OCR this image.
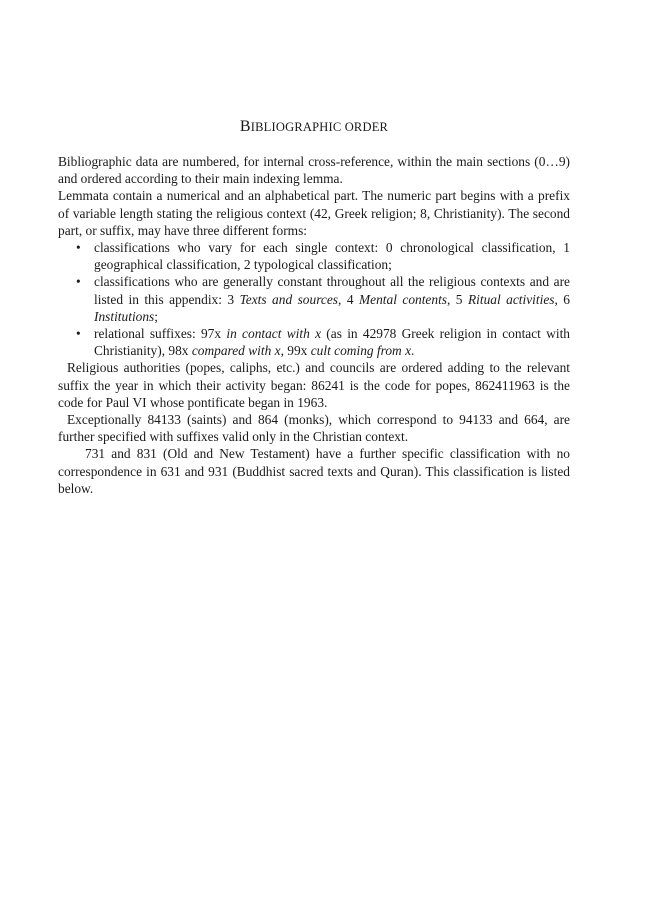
BIBLIOGRAPHIC ORDER

Bibliographic data are numbered, for internal cross-reference, within the main sections (0…9) and ordered according to their main indexing lemma.

Lemmata contain a numerical and an alphabetical part. The numeric part begins with a prefix of variable length stating the religious context (42, Greek religion; 8, Christianity). The second part, or suffix, may have three different forms:

• classifications who vary for each single context: 0 chronological classification, 1 geographical classification, 2 typological classification;
• classifications who are generally constant throughout all the religious contexts and are listed in this appendix: 3 Texts and sources, 4 Mental contents, 5 Ritual activities, 6 Institutions;
• relational suffixes: 97x in contact with x (as in 42978 Greek religion in contact with Christianity), 98x compared with x, 99x cult coming from x.

Religious authorities (popes, caliphs, etc.) and councils are ordered adding to the relevant suffix the year in which their activity began: 86241 is the code for popes, 862411963 is the code for Paul VI whose pontificate began in 1963.

Exceptionally 84133 (saints) and 864 (monks), which correspond to 94133 and 664, are further specified with suffixes valid only in the Christian context.

731 and 831 (Old and New Testament) have a further specific classification with no correspondence in 631 and 931 (Buddhist sacred texts and Quran). This classification is listed below.
